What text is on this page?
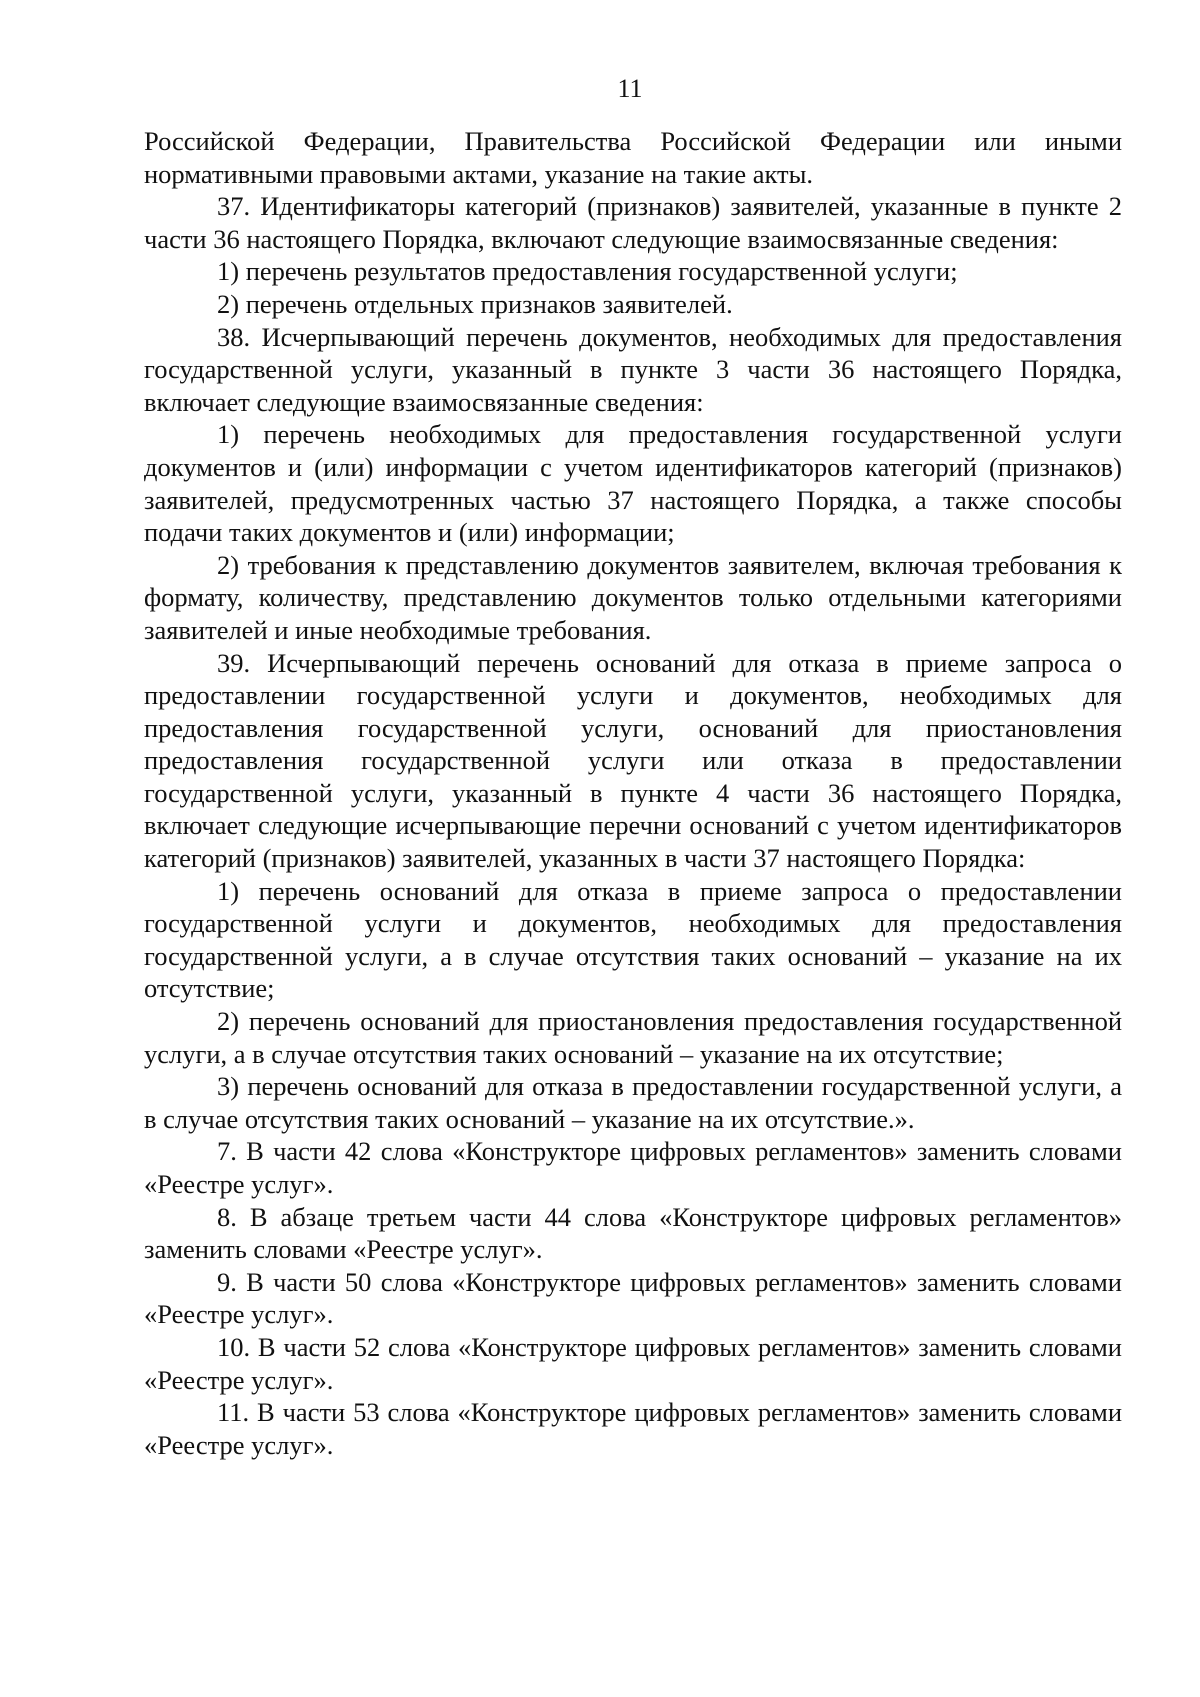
11

Российской Федерации, Правительства Российской Федерации или иными нормативными правовыми актами, указание на такие акты.

37. Идентификаторы категорий (признаков) заявителей, указанные в пункте 2 части 36 настоящего Порядка, включают следующие взаимосвязанные сведения:

1) перечень результатов предоставления государственной услуги;

2) перечень отдельных признаков заявителей.

38. Исчерпывающий перечень документов, необходимых для предоставления государственной услуги, указанный в пункте 3 части 36 настоящего Порядка, включает следующие взаимосвязанные сведения:

1) перечень необходимых для предоставления государственной услуги документов и (или) информации с учетом идентификаторов категорий (признаков) заявителей, предусмотренных частью 37 настоящего Порядка, а также способы подачи таких документов и (или) информации;

2) требования к представлению документов заявителем, включая требования к формату, количеству, представлению документов только отдельными категориями заявителей и иные необходимые требования.

39. Исчерпывающий перечень оснований для отказа в приеме запроса о предоставлении государственной услуги и документов, необходимых для предоставления государственной услуги, оснований для приостановления предоставления государственной услуги или отказа в предоставлении государственной услуги, указанный в пункте 4 части 36 настоящего Порядка, включает следующие исчерпывающие перечни оснований с учетом идентификаторов категорий (признаков) заявителей, указанных в части 37 настоящего Порядка:

1) перечень оснований для отказа в приеме запроса о предоставлении государственной услуги и документов, необходимых для предоставления государственной услуги, а в случае отсутствия таких оснований – указание на их отсутствие;

2) перечень оснований для приостановления предоставления государственной услуги, а в случае отсутствия таких оснований – указание на их отсутствие;

3) перечень оснований для отказа в предоставлении государственной услуги, а в случае отсутствия таких оснований – указание на их отсутствие.».

7. В части 42 слова «Конструкторе цифровых регламентов» заменить словами «Реестре услуг».

8. В абзаце третьем части 44 слова «Конструкторе цифровых регламентов» заменить словами «Реестре услуг».

9. В части 50 слова «Конструкторе цифровых регламентов» заменить словами «Реестре услуг».

10. В части 52 слова «Конструкторе цифровых регламентов» заменить словами «Реестре услуг».

11. В части 53 слова «Конструкторе цифровых регламентов» заменить словами «Реестре услуг».
